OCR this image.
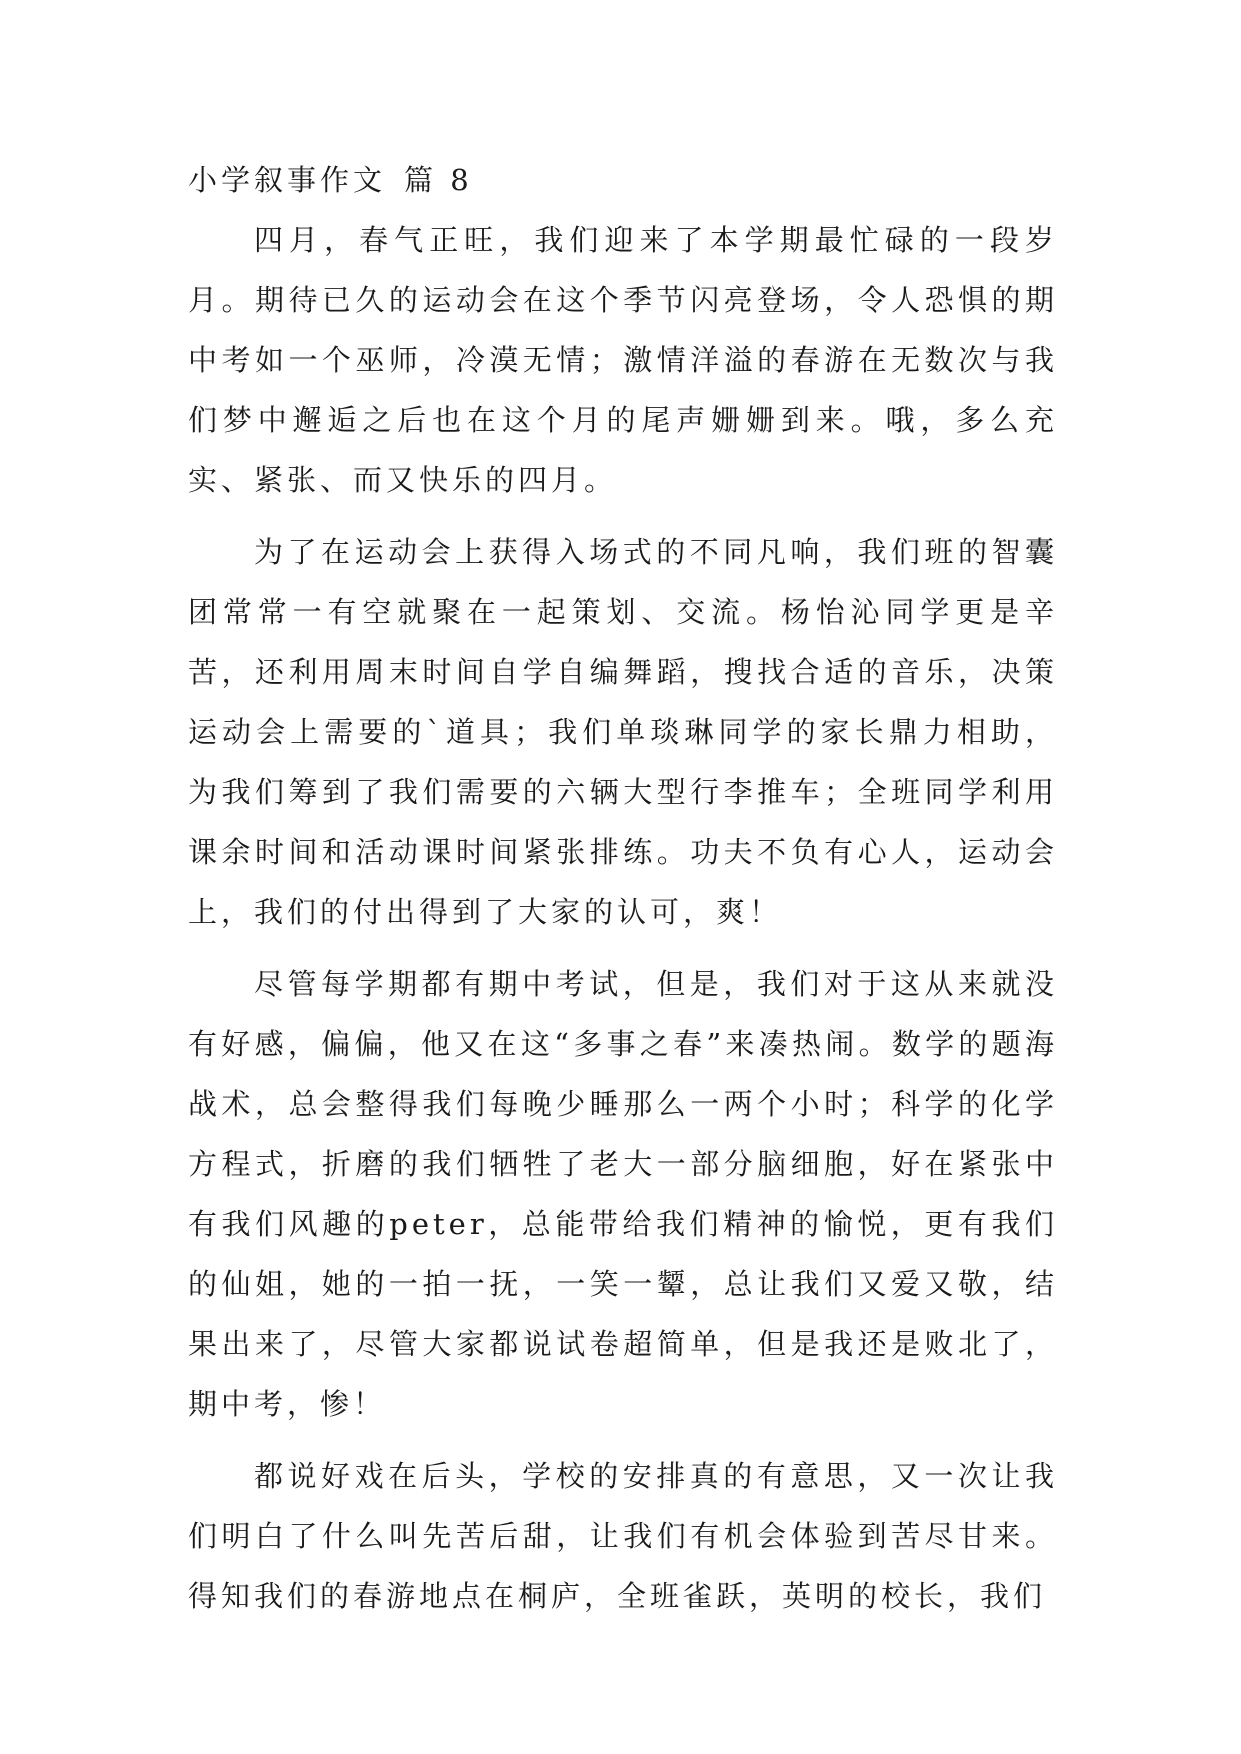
小学叙事作文 篇 8

四月，春气正旺，我们迎来了本学期最忙碌的一段岁月。期待已久的运动会在这个季节闪亮登场，令人恐惧的期中考如一个巫师，冷漠无情；激情洋溢的春游在无数次与我们梦中邂逅之后也在这个月的尾声姗姗到来。哦，多么充实、紧张、而又快乐的四月。

为了在运动会上获得入场式的不同凡响，我们班的智囊团常常一有空就聚在一起策划、交流。杨怡沁同学更是辛苦，还利用周末时间自学自编舞蹈，搜找合适的音乐，决策运动会上需要的`道具；我们单琰琳同学的家长鼎力相助，为我们筹到了我们需要的六辆大型行李推车；全班同学利用课余时间和活动课时间紧张排练。功夫不负有心人，运动会上，我们的付出得到了大家的认可，爽！

尽管每学期都有期中考试，但是，我们对于这从来就没有好感，偏偏，他又在这“多事之春”来凑热闹。数学的题海战术，总会整得我们每晚少睡那么一两个小时；科学的化学方程式，折磨的我们牺牲了老大一部分脑细胞，好在紧张中有我们风趣的peter，总能带给我们精神的愉悦，更有我们的仙姐，她的一拍一抚，一笑一颦，总让我们又爱又敬，结果出来了，尽管大家都说试卷超简单，但是我还是败北了，期中考，惨！

都说好戏在后头，学校的安排真的有意思，又一次让我们明白了什么叫先苦后甜，让我们有机会体验到苦尽甘来。得知我们的春游地点在桐庐，全班雀跃，英明的校长，我们
